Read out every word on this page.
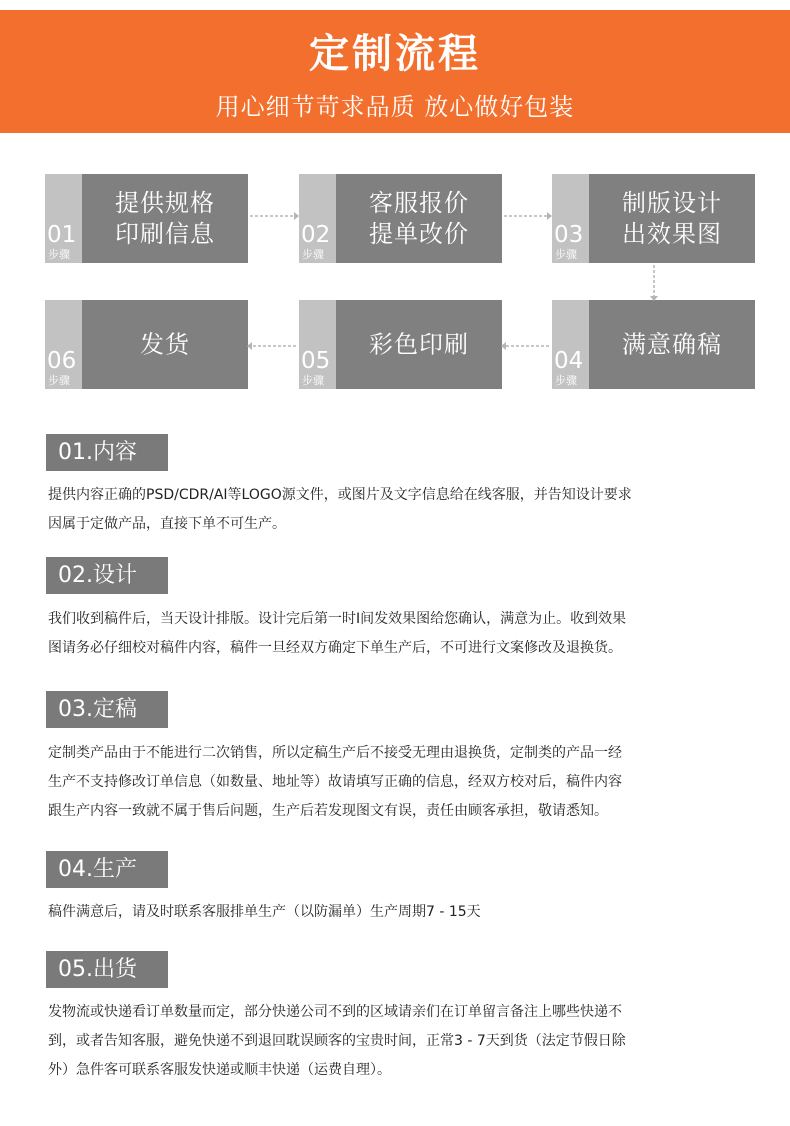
定制流程
用心细节苛求品质 放心做好包装
01
步骤
提供规格
印刷信息	02
步骤
客服报价
提单改价	03
步骤
制版设计
出效果图
04
步骤
满意确稿
05
步骤
彩色印刷
06
步骤
发货
01.内容
提供内容正确的PSD/CDR/AI等LOGO源文件，或图片及文字信息给在线客服，并告知设计要求
因属于定做产品，直接下单不可生产。
02.设计
我们收到稿件后，当天设计排版。设计完后第一时I间发效果图给您确认，满意为止。收到效果
图请务必仔细校对稿件内容，稿件一旦经双方确定下单生产后，不可进行文案修改及退换货。
03.定稿
定制类产品由于不能进行二次销售，所以定稿生产后不接受无理由退换货，定制类的产品一经
生产不支持修改订单信息（如数量、地址等）故请填写正确的信息，经双方校对后，稿件内容
跟生产内容一致就不属于售后问题，生产后若发现图文有误，责任由顾客承担，敬请悉知。
04.生产
稿件满意后，请及时联系客服排单生产（以防漏单）生产周期7 - 15天
05.出货
发物流或快递看订单数量而定，部分快递公司不到的区域请亲们在订单留言备注上哪些快递不
到，或者告知客服，避免快递不到退回耽误顾客的宝贵时间，正常3 - 7天到货（法定节假日除
外）急件客可联系客服发快递或顺丰快递（运费自理）。
